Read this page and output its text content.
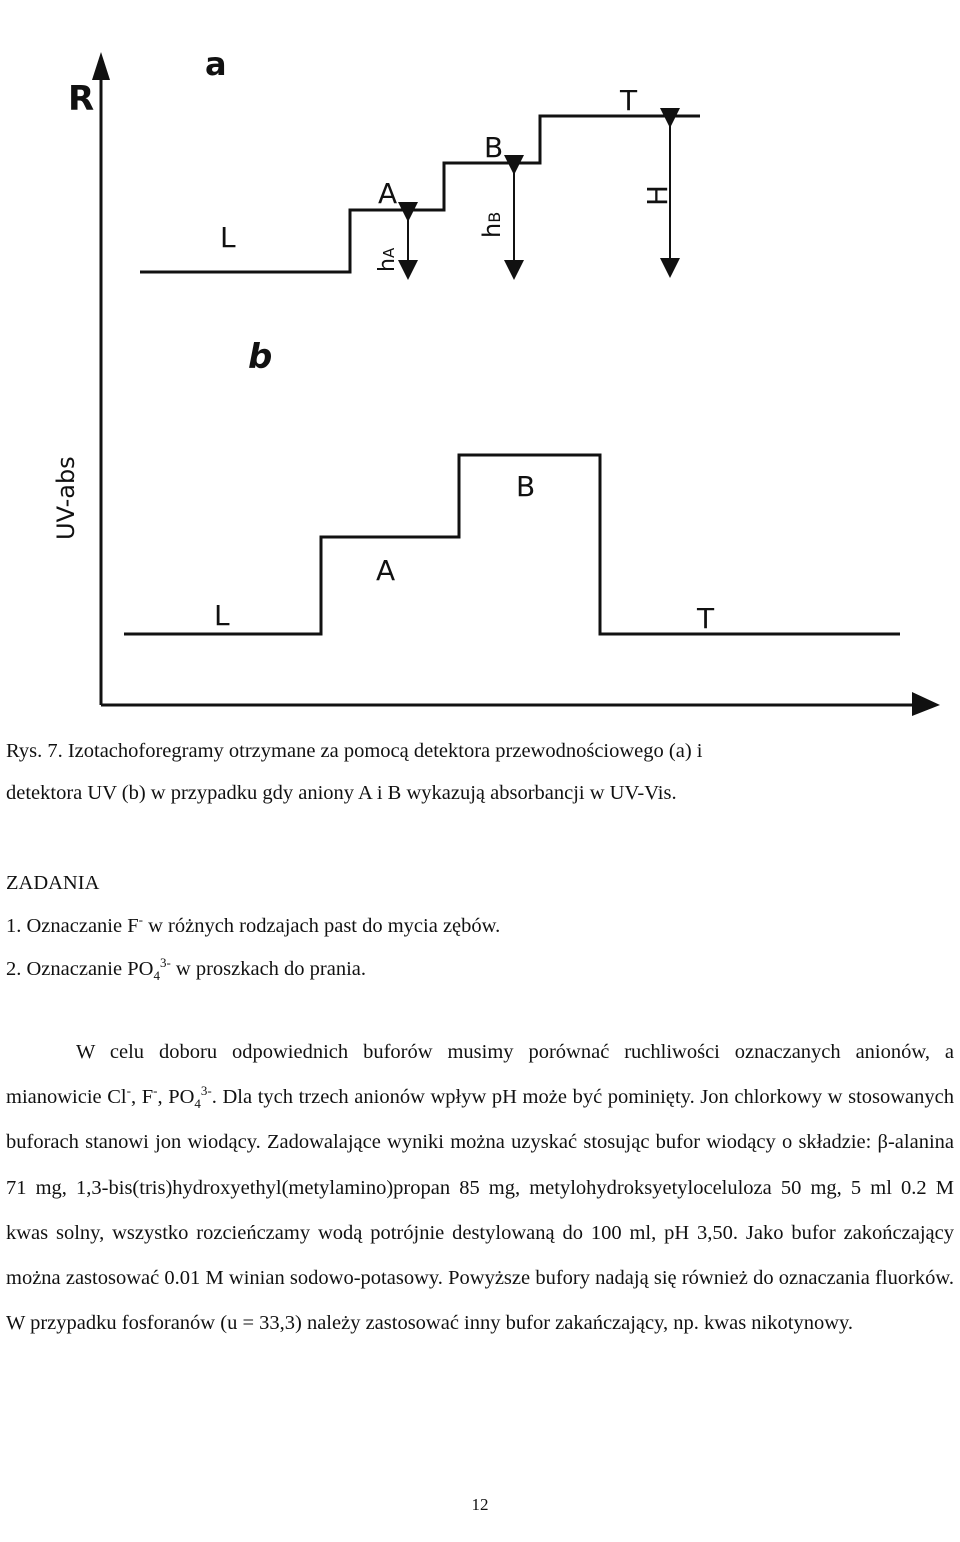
a
R
L
A
B
T
hA
hB
H
b
UV-abs
L
A
B
T
Rys. 7. Izotachoforegramy otrzymane za pomocą detektora przewodnościowego (a) i
detektora UV (b) w przypadku gdy aniony A i B wykazują absorbancji w UV-Vis.
ZADANIA
1. Oznaczanie F- w różnych rodzajach past do mycia zębów.
2. Oznaczanie $PO_4^{3-}$ w proszkach do prania.

W celu doboru odpowiednich buforów musimy porównać ruchliwości oznaczanych anionów, a mianowicie Cl-, F-, $PO_4^{3-}$. Dla tych trzech anionów wpływ pH może być pominięty. Jon chlorkowy w stosowanych buforach stanowi jon wiodący. Zadowalające wyniki można uzyskać stosując bufor wiodący o składzie: β-alanina 71 mg, 1,3-bis(tris)hydroxyethyl(metylamino)propan 85 mg, metylohydroksyetyloceluloza 50 mg, 5 ml 0.2 M kwas solny, wszystko rozcieńczamy wodą potrójnie destylowaną do 100 ml, pH 3,50. Jako bufor zakończający można zastosować 0.01 M winian sodowo-potasowy. Powyższe bufory nadają się również do oznaczania fluorków. W przypadku fosforanów (u = 33,3) należy zastosować inny bufor zakańczający, np. kwas nikotynowy.

12
